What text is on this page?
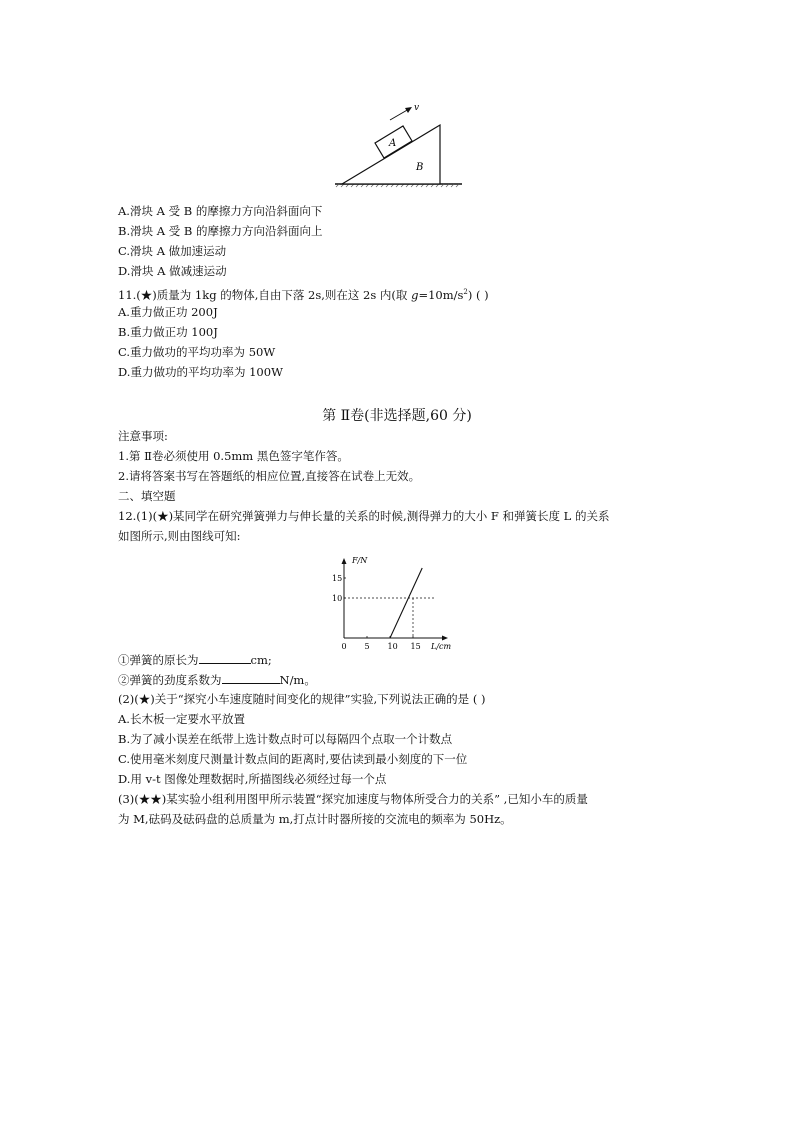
v
A
B
A.滑块 A 受 B 的摩擦力方向沿斜面向下
B.滑块 A 受 B 的摩擦力方向沿斜面向上
C.滑块 A 做加速运动
D.滑块 A 做减速运动
11.(★)质量为 1kg 的物体,自由下落 2s,则在这 2s 内(取 $g=10m/s^2$) ( )
A.重力做正功 200J
B.重力做正功 100J
C.重力做功的平均功率为 50W
D.重力做功的平均功率为 100W
第 Ⅱ卷(非选择题,60 分)
注意事项:
1.第 Ⅱ卷必须使用 0.5mm 黑色签字笔作答。
2.请将答案书写在答题纸的相应位置,直接答在试卷上无效。
二、填空题
12.(1)(★)某同学在研究弹簧弹力与伸长量的关系的时候,测得弹力的大小 F 和弹簧长度 L 的关系
如图所示,则由图线可知:
F/N
L/cm
0 5 10 15
10
15
①弹簧的原长为	cm;
②弹簧的劲度系数为	N/m。
(2)(★)关于“探究小车速度随时间变化的规律”实验,下列说法正确的是 ( )
A.长木板一定要水平放置
B.为了减小误差在纸带上选计数点时可以每隔四个点取一个计数点
C.使用毫米刻度尺测量计数点间的距离时,要估读到最小刻度的下一位
D.用 v-t 图像处理数据时,所描图线必须经过每一个点
(3)(★★)某实验小组利用图甲所示装置“探究加速度与物体所受合力的关系” ,已知小车的质量
为 M,砝码及砝码盘的总质量为 m,打点计时器所接的交流电的频率为 50Hz。
